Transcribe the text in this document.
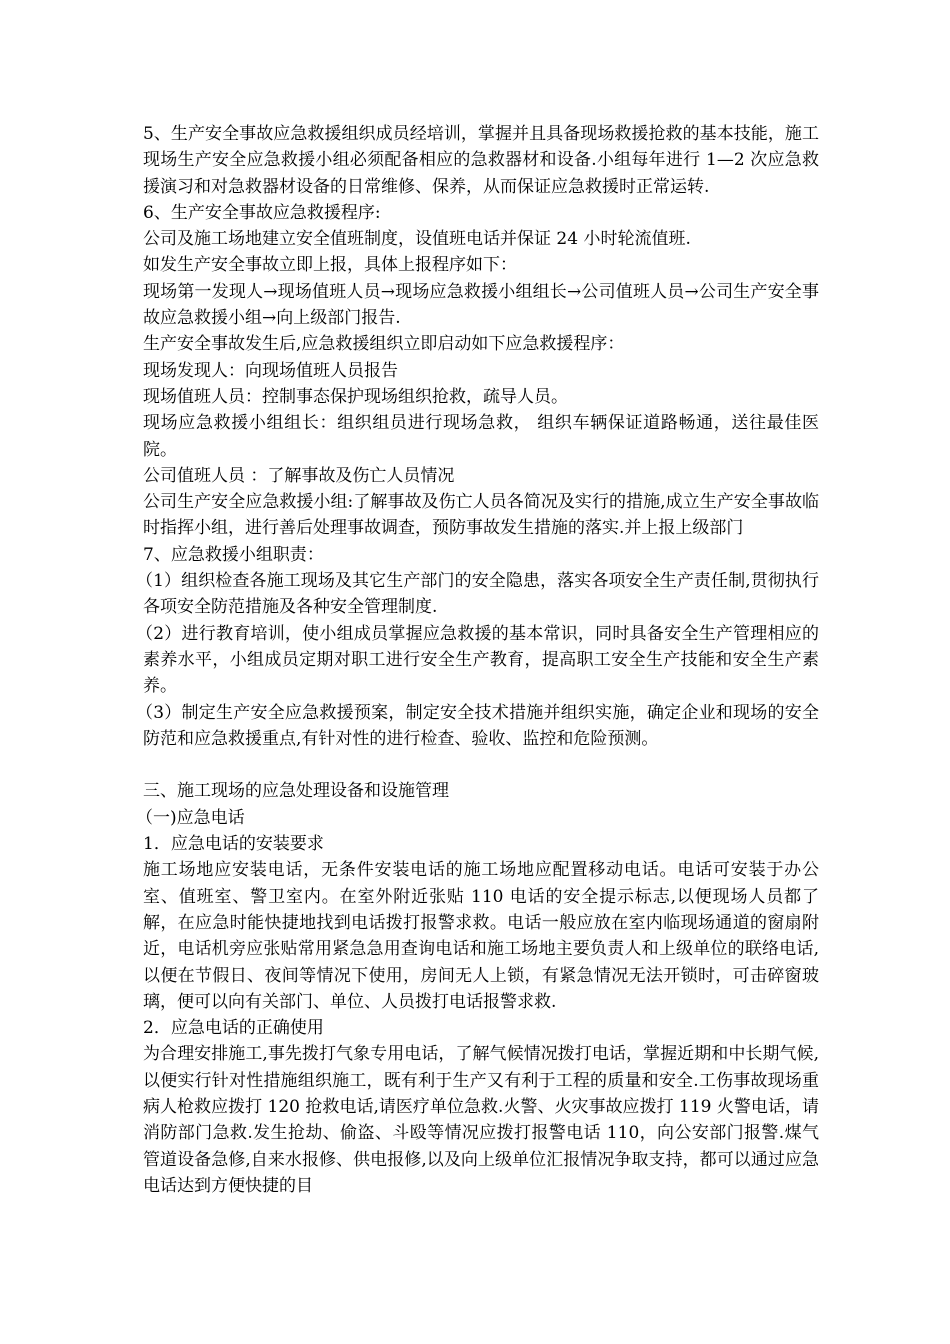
5、生产安全事故应急救援组织成员经培训，掌握并且具备现场救援抢救的基本技能，施工现场生产安全应急救援小组必须配备相应的急救器材和设备.小组每年进行 1—2 次应急救援演习和对急救器材设备的日常维修、保养，从而保证应急救援时正常运转.

6、生产安全事故应急救援程序:

公司及施工场地建立安全值班制度，设值班电话并保证 24 小时轮流值班.

如发生产安全事故立即上报，具体上报程序如下：

现场第一发现人→现场值班人员→现场应急救援小组组长→公司值班人员→公司生产安全事故应急救援小组→向上级部门报告.

生产安全事故发生后,应急救援组织立即启动如下应急救援程序：

现场发现人：向现场值班人员报告

现场值班人员：控制事态保护现场组织抢救，疏导人员。

现场应急救援小组组长：组织组员进行现场急救， 组织车辆保证道路畅通，送往最佳医院。

公司值班人员 ：了解事故及伤亡人员情况

公司生产安全应急救援小组:了解事故及伤亡人员各简况及实行的措施,成立生产安全事故临时指挥小组，进行善后处理事故调查，预防事故发生措施的落实.并上报上级部门

7、应急救援小组职责：

（1）组织检查各施工现场及其它生产部门的安全隐患，落实各项安全生产责任制,贯彻执行各项安全防范措施及各种安全管理制度.

（2）进行教育培训，使小组成员掌握应急救援的基本常识，同时具备安全生产管理相应的素养水平，小组成员定期对职工进行安全生产教育，提高职工安全生产技能和安全生产素养。

（3）制定生产安全应急救援预案，制定安全技术措施并组织实施，确定企业和现场的安全防范和应急救援重点,有针对性的进行检查、验收、监控和危险预测。

三、施工现场的应急处理设备和设施管理

（一)应急电话

1．应急电话的安装要求

施工场地应安装电话，无条件安装电话的施工场地应配置移动电话。电话可安装于办公室、值班室、警卫室内。在室外附近张贴 110 电话的安全提示标志,以便现场人员都了解，在应急时能快捷地找到电话拨打报警求救。电话一般应放在室内临现场通道的窗扇附近，电话机旁应张贴常用紧急急用查询电话和施工场地主要负责人和上级单位的联络电话,以便在节假日、夜间等情况下使用，房间无人上锁，有紧急情况无法开锁时，可击碎窗玻璃，便可以向有关部门、单位、人员拨打电话报警求救.

2．应急电话的正确使用

为合理安排施工,事先拨打气象专用电话，了解气候情况拨打电话，掌握近期和中长期气候,以便实行针对性措施组织施工，既有利于生产又有利于工程的质量和安全.工伤事故现场重病人枪救应拨打 120 抢救电话,请医疗单位急救.火警、火灾事故应拨打 119 火警电话，请消防部门急救.发生抢劫、偷盗、斗殴等情况应拨打报警电话 110，向公安部门报警.煤气管道设备急修,自来水报修、供电报修,以及向上级单位汇报情况争取支持，都可以通过应急电话达到方便快捷的目
